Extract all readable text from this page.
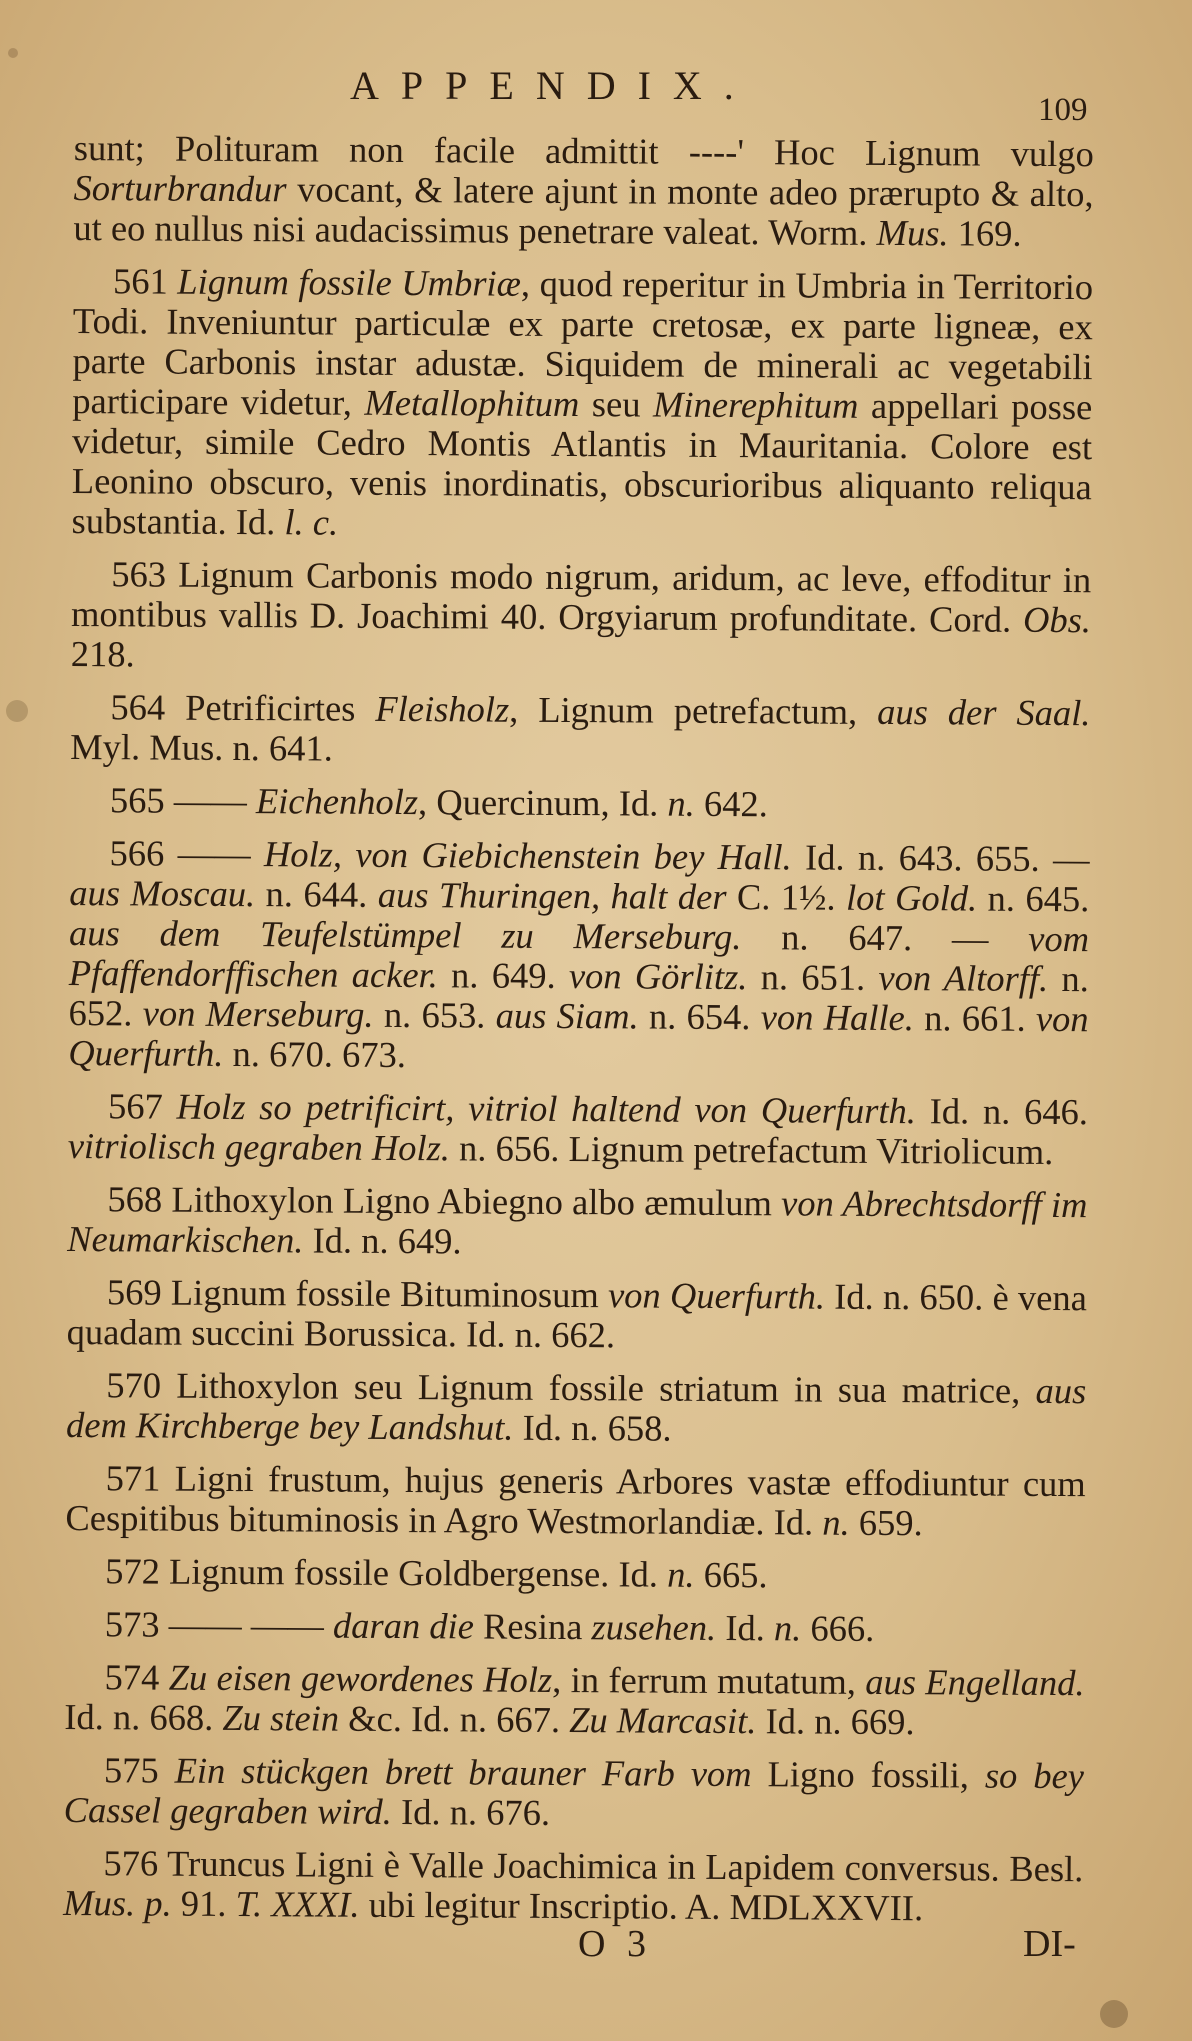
APPENDIX.
109

sunt; Polituram non facile admittit ----' Hoc Lignum vulgo Sorturbrandur vocant, & latere ajunt in monte adeo prærupto & alto, ut eo nullus nisi audacissimus penetrare valeat. Worm. Mus. 169.

561 Lignum fossile Umbriæ, quod reperitur in Umbria in Territorio Todi. Inveniuntur particulæ ex parte cretosæ, ex parte ligneæ, ex parte Carbonis instar adustæ. Siquidem de minerali ac vegetabili participare videtur, Metallophitum seu Minerephitum appellari posse videtur, simile Cedro Montis Atlantis in Mauritania. Colore est Leonino obscuro, venis inordinatis, obscurioribus aliquanto reliqua substantia. Id. l. c.

563 Lignum Carbonis modo nigrum, aridum, ac leve, effoditur in montibus vallis D. Joachimi 40. Orgyiarum profunditate. Cord. Obs. 218.

564 Petrificirtes Fleisholz, Lignum petrefactum, aus der Saal. Myl. Mus. n. 641.

565 —— Eichenholz, Quercinum, Id. n. 642.

566 —— Holz, von Giebichenstein bey Hall. Id. n. 643. 655. — aus Moscau. n. 644. aus Thuringen, halt der C. 1½. lot Gold. n. 645. aus dem Teufelstümpel zu Merseburg. n. 647. — vom Pfaffendorffischen acker. n. 649. von Görlitz. n. 651. von Altorff. n. 652. von Merseburg. n. 653. aus Siam. n. 654. von Halle. n. 661. von Querfurth. n. 670. 673.

567 Holz so petrificirt, vitriol haltend von Querfurth. Id. n. 646. vitriolisch gegraben Holz. n. 656. Lignum petrefactum Vitriolicum.

568 Lithoxylon Ligno Abiegno albo æmulum von Abrechtsdorff im Neumarkischen. Id. n. 649.

569 Lignum fossile Bituminosum von Querfurth. Id. n. 650. è vena quadam succini Borussica. Id. n. 662.

570 Lithoxylon seu Lignum fossile striatum in sua matrice, aus dem Kirchberge bey Landshut. Id. n. 658.

571 Ligni frustum, hujus generis Arbores vastæ effodiuntur cum Cespitibus bituminosis in Agro Westmorlandiæ. Id. n. 659.

572 Lignum fossile Goldbergense. Id. n. 665.

573 —— —— daran die Resina zusehen. Id. n. 666.

574 Zu eisen gewordenes Holz, in ferrum mutatum, aus Engelland. Id. n. 668. Zu stein &c. Id. n. 667. Zu Marcasit. Id. n. 669.

575 Ein stückgen brett brauner Farb vom Ligno fossili, so bey Cassel gegraben wird. Id. n. 676.

576 Truncus Ligni è Valle Joachimica in Lapidem conversus. Besl. Mus. p. 91. T. XXXI. ubi legitur Inscriptio. A. MDLXXVII.

O 3	DI-
